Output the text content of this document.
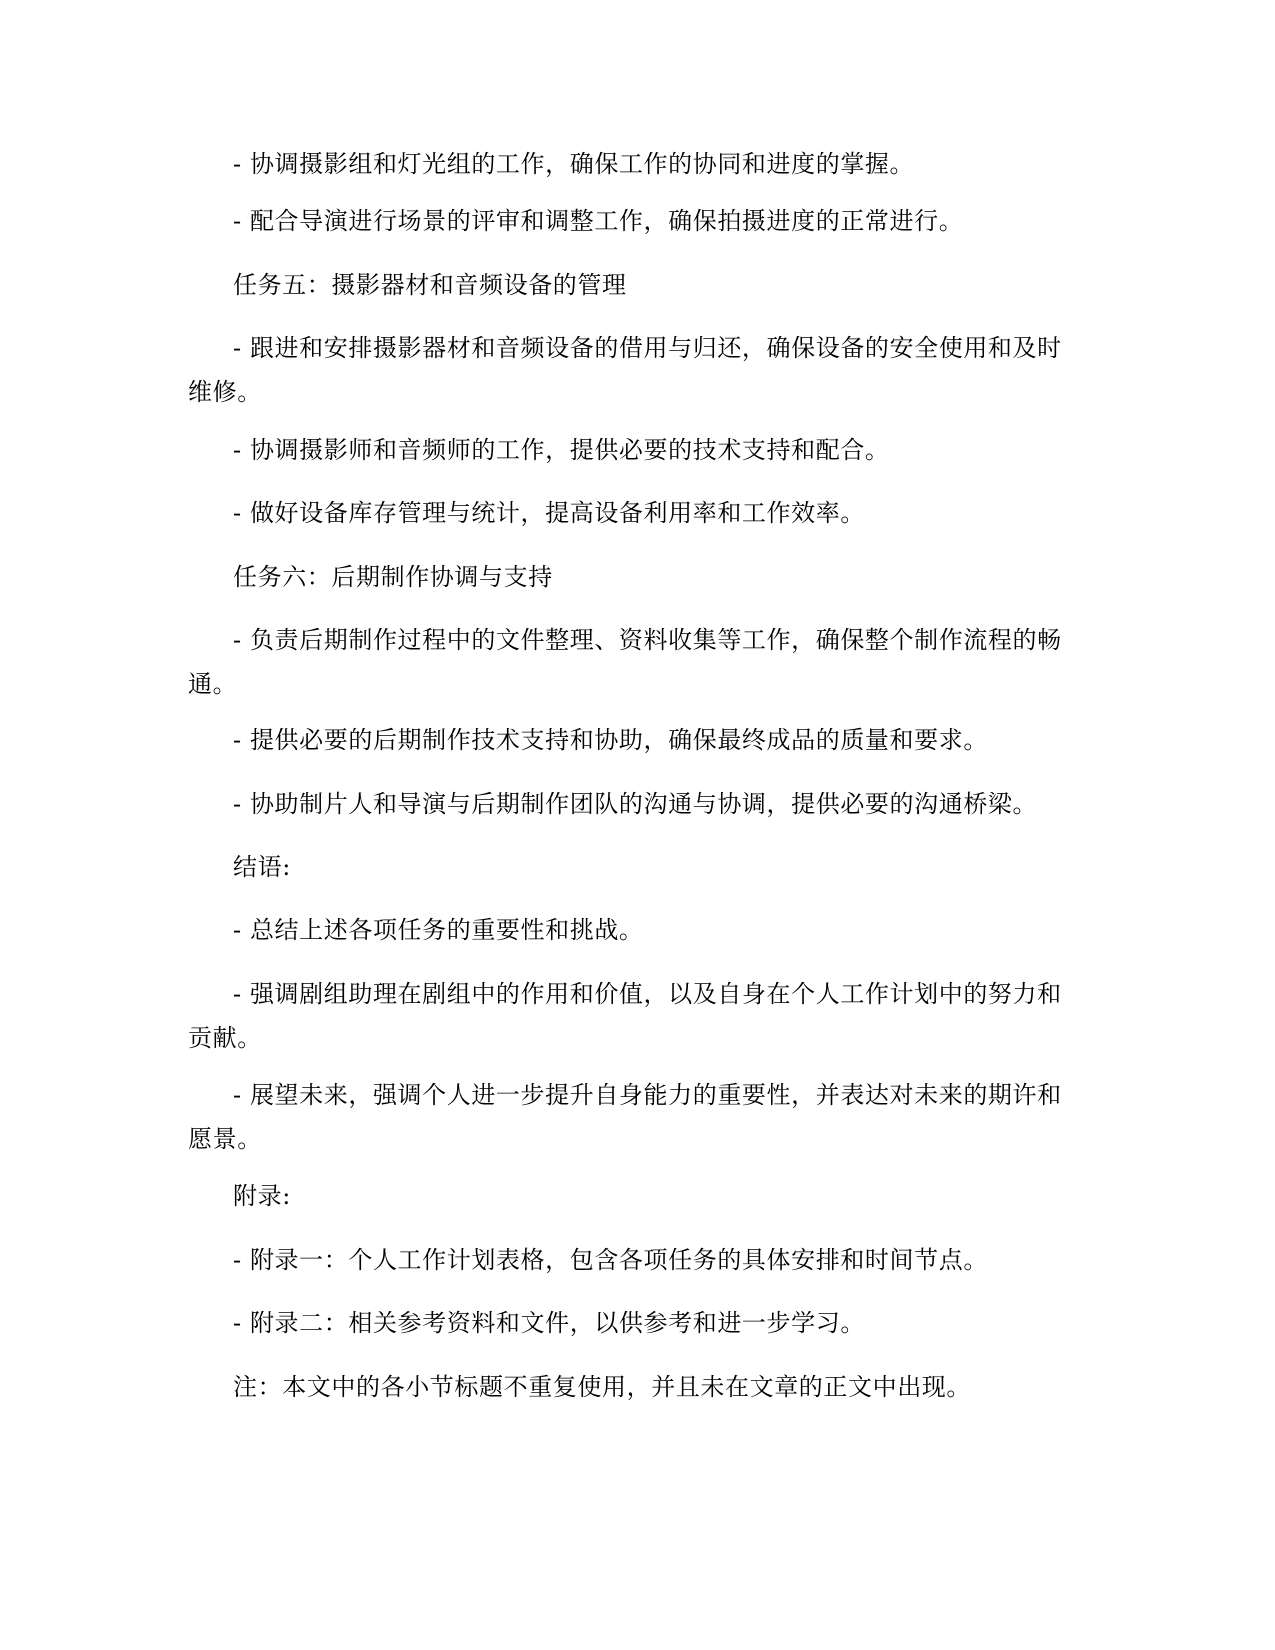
- 协调摄影组和灯光组的工作，确保工作的协同和进度的掌握。

- 配合导演进行场景的评审和调整工作，确保拍摄进度的正常进行。

任务五：摄影器材和音频设备的管理

- 跟进和安排摄影器材和音频设备的借用与归还，确保设备的安全使用和及时维修。

- 协调摄影师和音频师的工作，提供必要的技术支持和配合。

- 做好设备库存管理与统计，提高设备利用率和工作效率。

任务六：后期制作协调与支持

- 负责后期制作过程中的文件整理、资料收集等工作，确保整个制作流程的畅通。

- 提供必要的后期制作技术支持和协助，确保最终成品的质量和要求。

- 协助制片人和导演与后期制作团队的沟通与协调，提供必要的沟通桥梁。

结语:

- 总结上述各项任务的重要性和挑战。

- 强调剧组助理在剧组中的作用和价值，以及自身在个人工作计划中的努力和贡献。

- 展望未来，强调个人进一步提升自身能力的重要性，并表达对未来的期许和愿景。

附录:

- 附录一：个人工作计划表格，包含各项任务的具体安排和时间节点。

- 附录二：相关参考资料和文件，以供参考和进一步学习。

注：本文中的各小节标题不重复使用，并且未在文章的正文中出现。
